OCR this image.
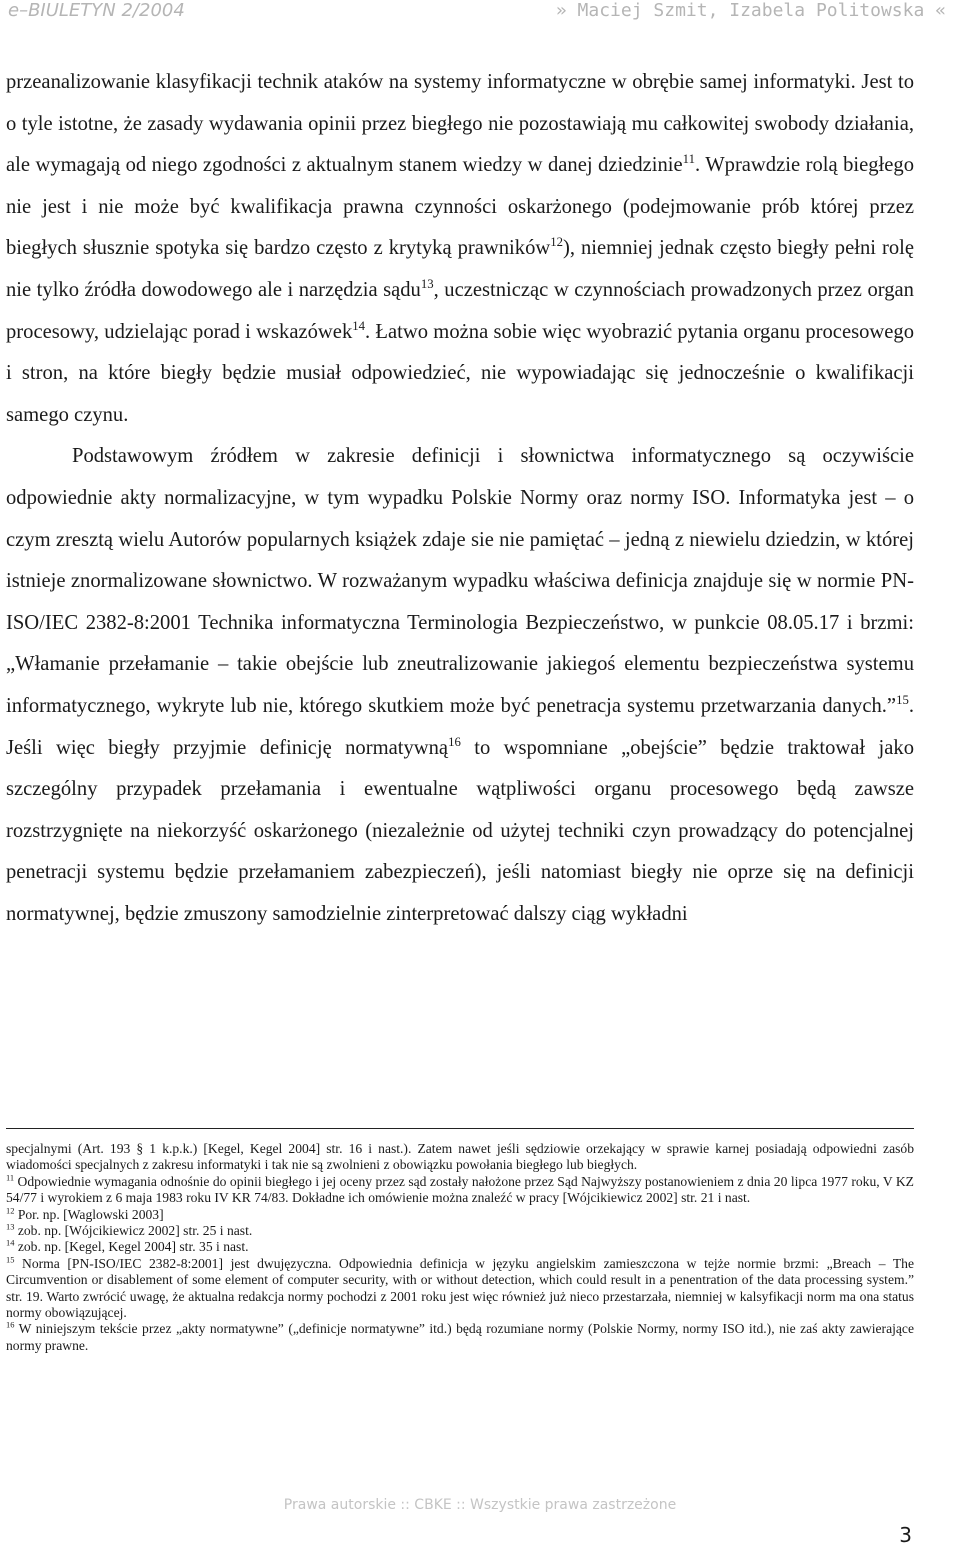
e–BIULETYN 2/2004	» Maciej Szmit, Izabela Politowska «

przeanalizowanie klasyfikacji technik ataków na systemy informatyczne w obrębie samej informatyki. Jest to o tyle istotne, że zasady wydawania opinii przez biegłego nie pozostawiają mu całkowitej swobody działania, ale wymagają od niego zgodności z aktualnym stanem wiedzy w danej dziedzinie$^{11}$. Wprawdzie rolą biegłego nie jest i nie może być kwalifikacja prawna czynności oskarżonego (podejmowanie prób której przez biegłych słusznie spotyka się bardzo często z krytyką prawników$^{12}$), niemniej jednak często biegły pełni rolę nie tylko źródła dowodowego ale i narzędzia sądu$^{13}$, uczestnicząc w czynnościach prowadzonych przez organ procesowy, udzielając porad i wskazówek$^{14}$. Łatwo można sobie więc wyobrazić pytania organu procesowego i stron, na które biegły będzie musiał odpowiedzieć, nie wypowiadając się jednocześnie o kwalifikacji samego czynu.

Podstawowym źródłem w zakresie definicji i słownictwa informatycznego są oczywiście odpowiednie akty normalizacyjne, w tym wypadku Polskie Normy oraz normy ISO. Informatyka jest – o czym zresztą wielu Autorów popularnych książek zdaje sie nie pamiętać – jedną z niewielu dziedzin, w której istnieje znormalizowane słownictwo. W rozważanym wypadku właściwa definicja znajduje się w normie PN-ISO/IEC 2382-8:2001 Technika informatyczna Terminologia Bezpieczeństwo, w punkcie 08.05.17 i brzmi: „Włamanie przełamanie – takie obejście lub zneutralizowanie jakiegoś elementu bezpieczeństwa systemu informatycznego, wykryte lub nie, którego skutkiem może być penetracja systemu przetwarzania danych.”$^{15}$. Jeśli więc biegły przyjmie definicję normatywną$^{16}$ to wspomniane „obejście” będzie traktował jako szczególny przypadek przełamania i ewentualne wątpliwości organu procesowego będą zawsze rozstrzygnięte na niekorzyść oskarżonego (niezależnie od użytej techniki czyn prowadzący do potencjalnej penetracji systemu będzie przełamaniem zabezpieczeń), jeśli natomiast biegły nie oprze się na definicji normatywnej, będzie zmuszony samodzielnie zinterpretować dalszy ciąg wykładni

specjalnymi (Art. 193 § 1 k.p.k.) [Kegel, Kegel 2004] str. 16 i nast.). Zatem nawet jeśli sędziowie orzekający w sprawie karnej posiadają odpowiedni zasób wiadomości specjalnych z zakresu informatyki i tak nie są zwolnieni z obowiązku powołania biegłego lub biegłych.

$^{11}$ Odpowiednie wymagania odnośnie do opinii biegłego i jej oceny przez sąd zostały nałożone przez Sąd Najwyższy postanowieniem z dnia 20 lipca 1977 roku, V KZ 54/77 i wyrokiem z 6 maja 1983 roku IV KR 74/83. Dokładne ich omówienie można znaleźć w pracy [Wójcikiewicz 2002] str. 21 i nast.

$^{12}$ Por. np. [Waglowski 2003]

$^{13}$ zob. np. [Wójcikiewicz 2002] str. 25 i nast.

$^{14}$ zob. np. [Kegel, Kegel 2004] str. 35 i nast.

$^{15}$ Norma [PN-ISO/IEC 2382-8:2001] jest dwujęzyczna. Odpowiednia definicja w języku angielskim zamieszczona w tejże normie brzmi: „Breach – The Circumvention or disablement of some element of computer security, with or without detection, which could result in a penentration of the data processing system.” str. 19. Warto zwrócić uwagę, że aktualna redakcja normy pochodzi z 2001 roku jest więc również już nieco przestarzała, niemniej w kalsyfikacji norm ma ona status normy obowiązującej.

$^{16}$ W niniejszym tekście przez „akty normatywne” („definicje normatywne” itd.) będą rozumiane normy (Polskie Normy, normy ISO itd.), nie zaś akty zawierające normy prawne.

Prawa autorskie :: CBKE :: Wszystkie prawa zastrzeżone
3
